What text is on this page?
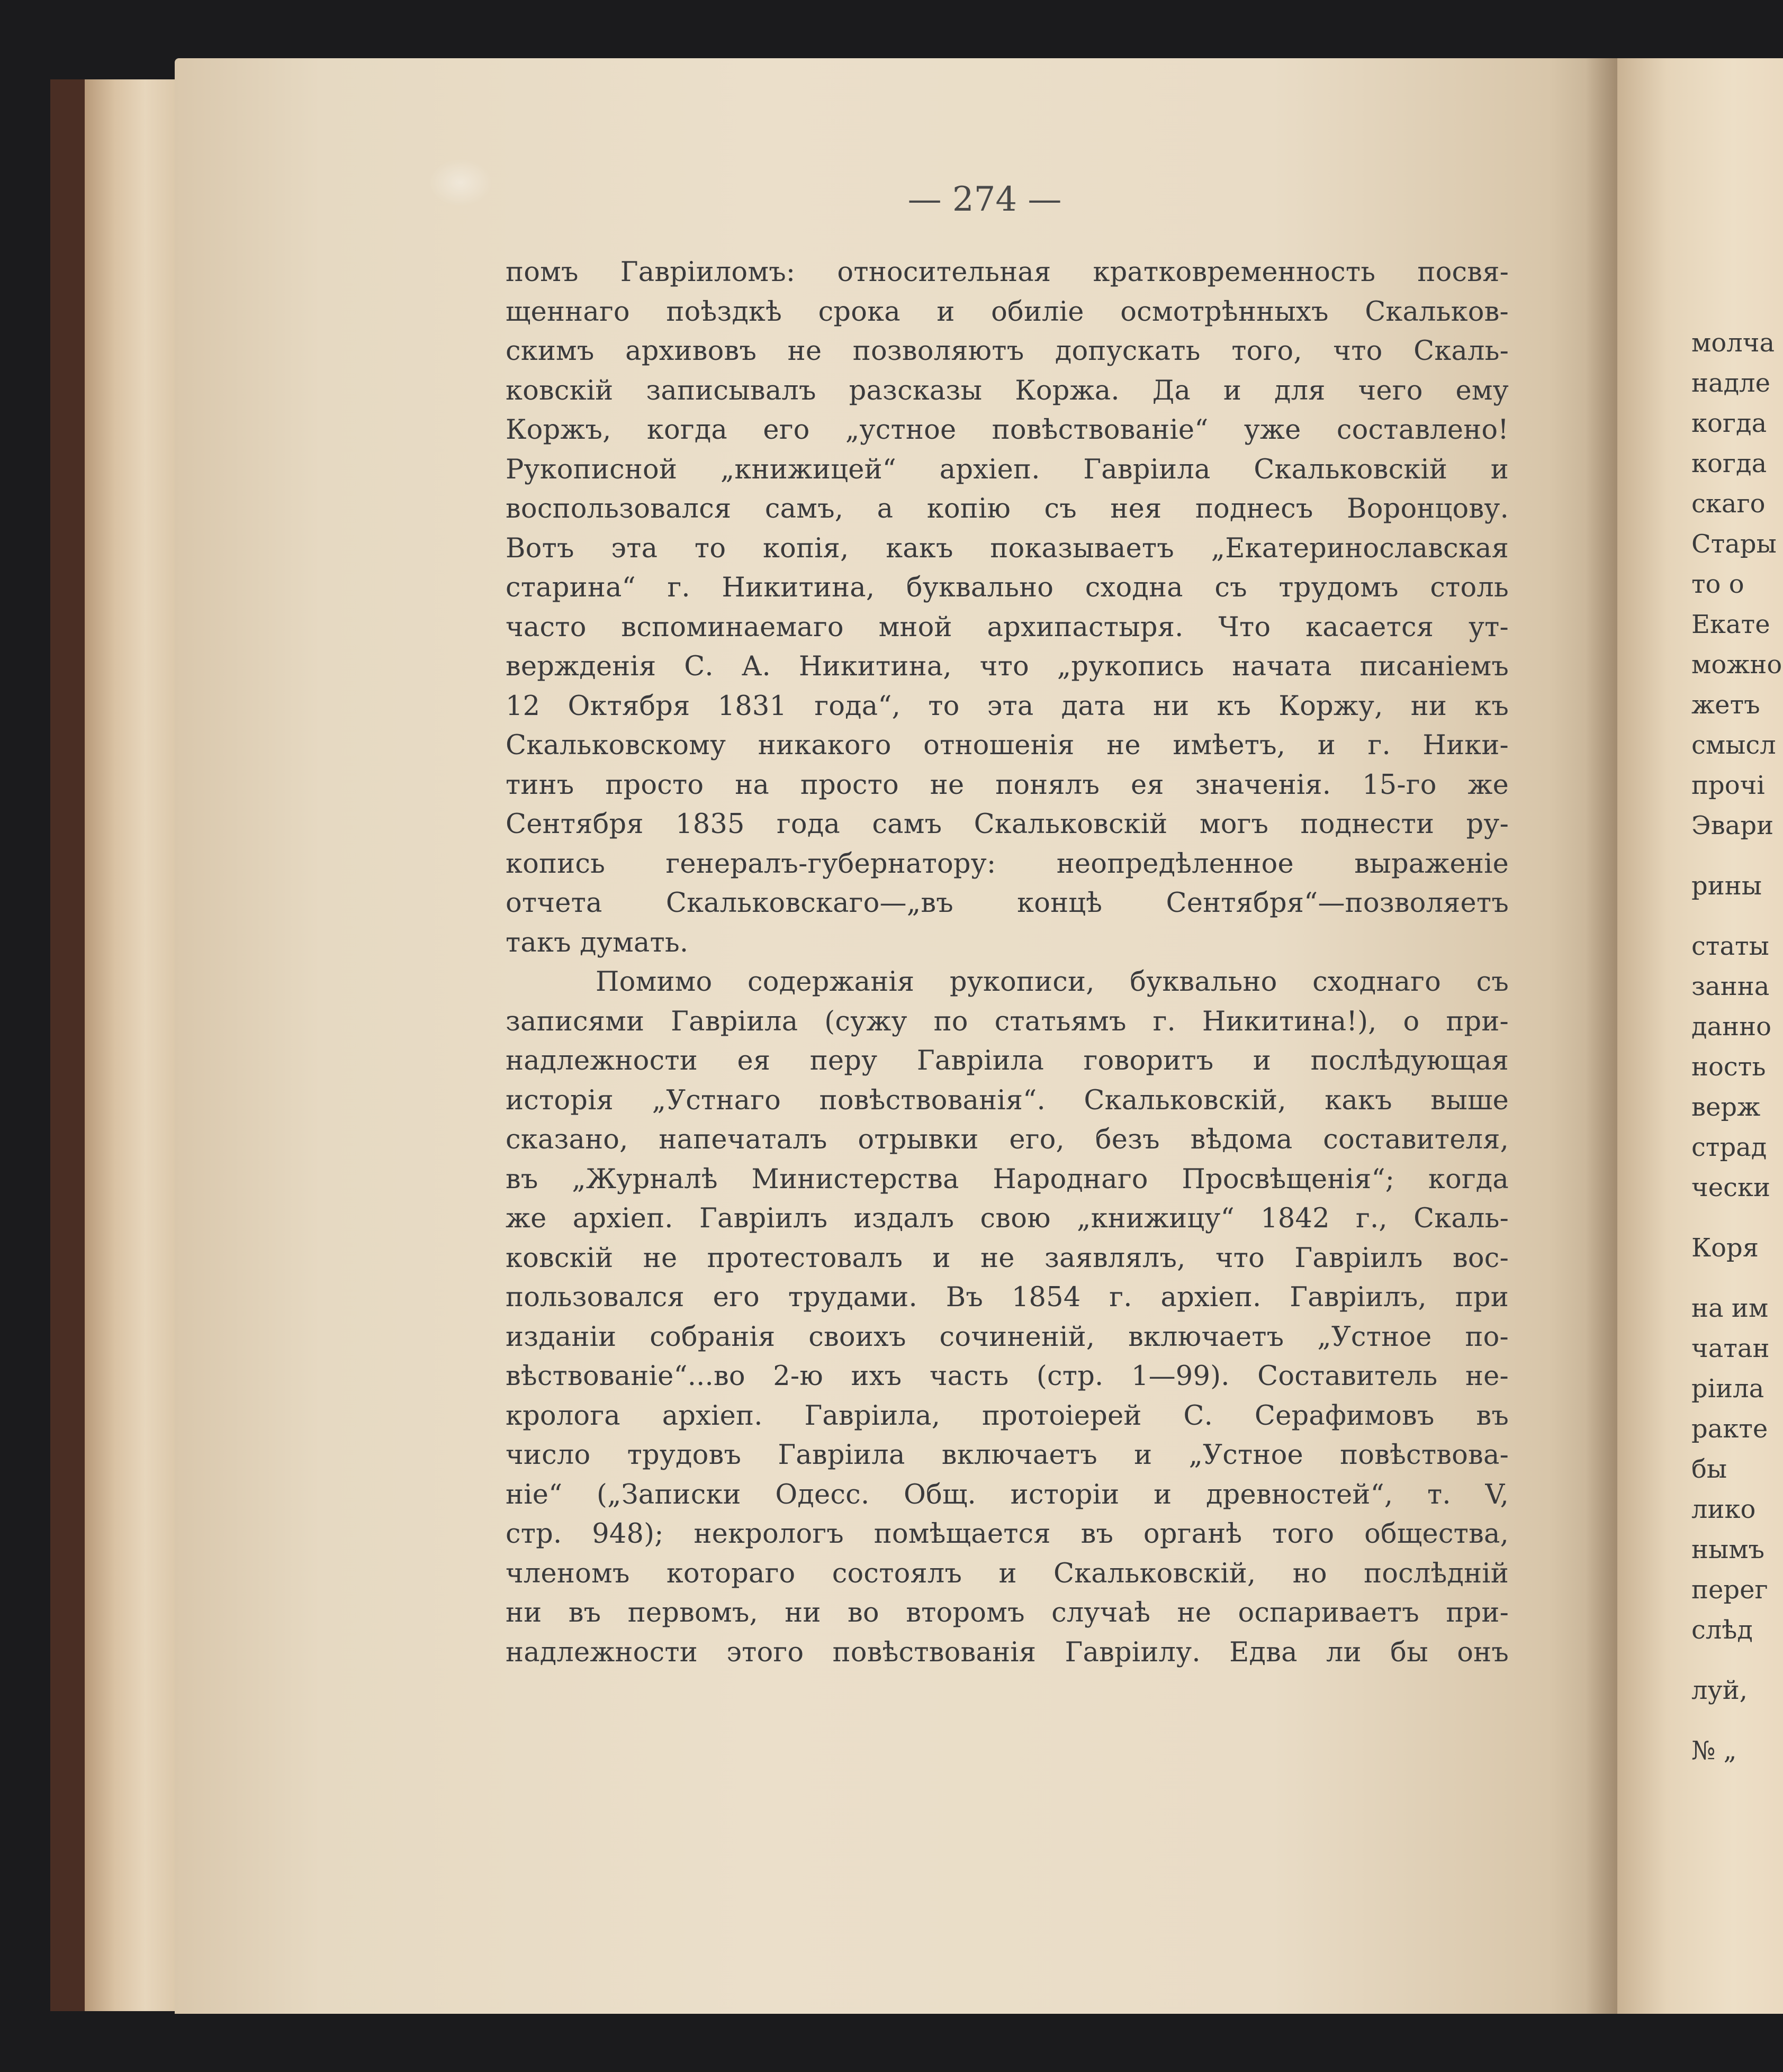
— 274 —
помъ Гавріиломъ: относительная кратковременность посвя-
щеннаго поѣздкѣ срока и обиліе осмотрѣнныхъ Скальков-
скимъ архивовъ не позволяютъ допускать того, что Скаль-
ковскій записывалъ разсказы Коржа. Да и для чего ему
Коржъ, когда его „устное повѣствованіе“ уже составлено!
Рукописной „книжицей“ архіеп. Гавріила Скальковскій и
воспользовался самъ, а копію съ нея поднесъ Воронцову.
Вотъ эта то копія, какъ показываетъ „Екатеринославская
старина“ г. Никитина, буквально сходна съ трудомъ столь
часто вспоминаемаго мной архипастыря. Что касается ут-
вержденія С. А. Никитина, что „рукопись начата писаніемъ
12 Октября 1831 года“, то эта дата ни къ Коржу, ни къ
Скальковскому никакого отношенія не имѣетъ, и г. Ники-
тинъ просто на просто не понялъ ея значенія. 15-го же
Сентября 1835 года самъ Скальковскій могъ поднести ру-
копись генералъ-губернатору: неопредѣленное выраженіе
отчета Скальковскаго—„въ концѣ Сентября“—позволяетъ
такъ думать.
Помимо содержанія рукописи, буквально сходнаго съ
записями Гавріила (сужу по статьямъ г. Никитина!), о при-
надлежности ея перу Гавріила говоритъ и послѣдующая
исторія „Устнаго повѣствованія“. Скальковскій, какъ выше
сказано, напечаталъ отрывки его, безъ вѣдома составителя,
въ „Журналѣ Министерства Народнаго Просвѣщенія“; когда
же архіеп. Гавріилъ издалъ свою „книжицу“ 1842 г., Скаль-
ковскій не протестовалъ и не заявлялъ, что Гавріилъ вос-
пользовался его трудами. Въ 1854 г. архіеп. Гавріилъ, при
изданіи собранія своихъ сочиненій, включаетъ „Устное по-
вѣствованіе“...во 2-ю ихъ часть (стр. 1—99). Составитель не-
кролога архіеп. Гавріила, протоіерей С. Серафимовъ въ
число трудовъ Гавріила включаетъ и „Устное повѣствова-
ніе“ („Записки Одесс. Общ. исторіи и древностей“, т. V,
стр. 948); некрологъ помѣщается въ органѣ того общества,
членомъ котораго состоялъ и Скальковскій, но послѣдній
ни въ первомъ, ни во второмъ случаѣ не оспариваетъ при-
надлежности этого повѣствованія Гавріилу. Едва ли бы онъ
молча
надле
когда
когда
скаго
Стары
то о
Екате
можно
жетъ
смысл
прочі
Эвари
рины
статы
занна
данно
ность
верж
страд
чески
Коря
на им
чатан
ріила
ракте
бы
лико
нымъ
перег
слѣд
луй,
№ „
